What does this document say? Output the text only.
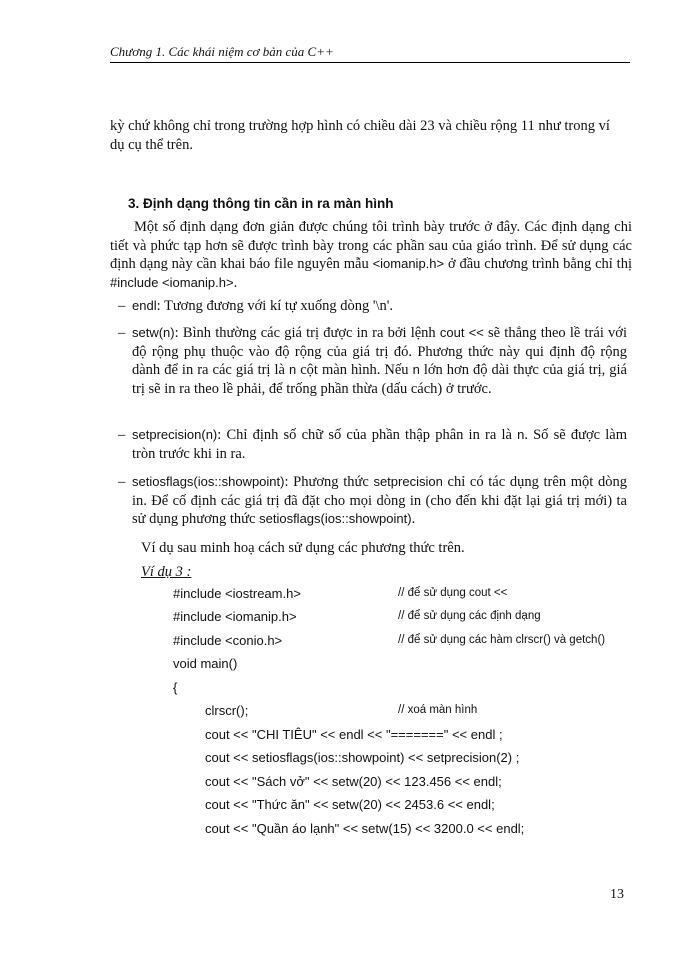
Chương 1. Các khái niệm cơ bản của C++
kỳ chứ không chỉ trong trường hợp hình có chiều dài 23 và chiều rộng 11 như trong ví
dụ cụ thể trên.
3. Định dạng thông tin cần in ra màn hình
Một số định dạng đơn giản được chúng tôi trình bày trước ở đây. Các định dạng chi tiết và phức tạp hơn sẽ được trình bày trong các phần sau của giáo trình. Để sử dụng các định dạng này cần khai báo file nguyên mẫu <iomanip.h> ở đầu chương trình bằng chỉ thị #include <iomanip.h>.
– endl: Tương đương với kí tự xuống dòng '\n'.
– setw(n): Bình thường các giá trị được in ra bởi lệnh cout << sẽ thẳng theo lề trái với độ rộng phụ thuộc vào độ rộng của giá trị đó. Phương thức này qui định độ rộng dành để in ra các giá trị là n cột màn hình. Nếu n lớn hơn độ dài thực của giá trị, giá trị sẽ in ra theo lề phải, để trống phần thừa (dấu cách) ở trước.
– setprecision(n): Chỉ định số chữ số của phần thập phân in ra là n. Số sẽ được làm tròn trước khi in ra.
– setiosflags(ios::showpoint): Phương thức setprecision chỉ có tác dụng trên một dòng in. Để cố định các giá trị đã đặt cho mọi dòng in (cho đến khi đặt lại giá trị mới) ta sử dụng phương thức setiosflags(ios::showpoint).
Ví dụ sau minh hoạ cách sử dụng các phương thức trên.
Ví dụ 3 :
#include <iostream.h>	// để sử dụng cout <<
#include <iomanip.h>	// để sử dụng các định dạng
#include <conio.h>	// để sử dụng các hàm clrscr() và getch()
void main()
{
clrscr();	// xoá màn hình
cout << "CHI TIÊU" << endl << "=======" << endl ;
cout << setiosflags(ios::showpoint) << setprecision(2) ;
cout << "Sách vở" << setw(20) << 123.456 << endl;
cout << "Thức ăn" << setw(20) << 2453.6 << endl;
cout << "Quần áo lạnh" << setw(15) << 3200.0 << endl;
13
